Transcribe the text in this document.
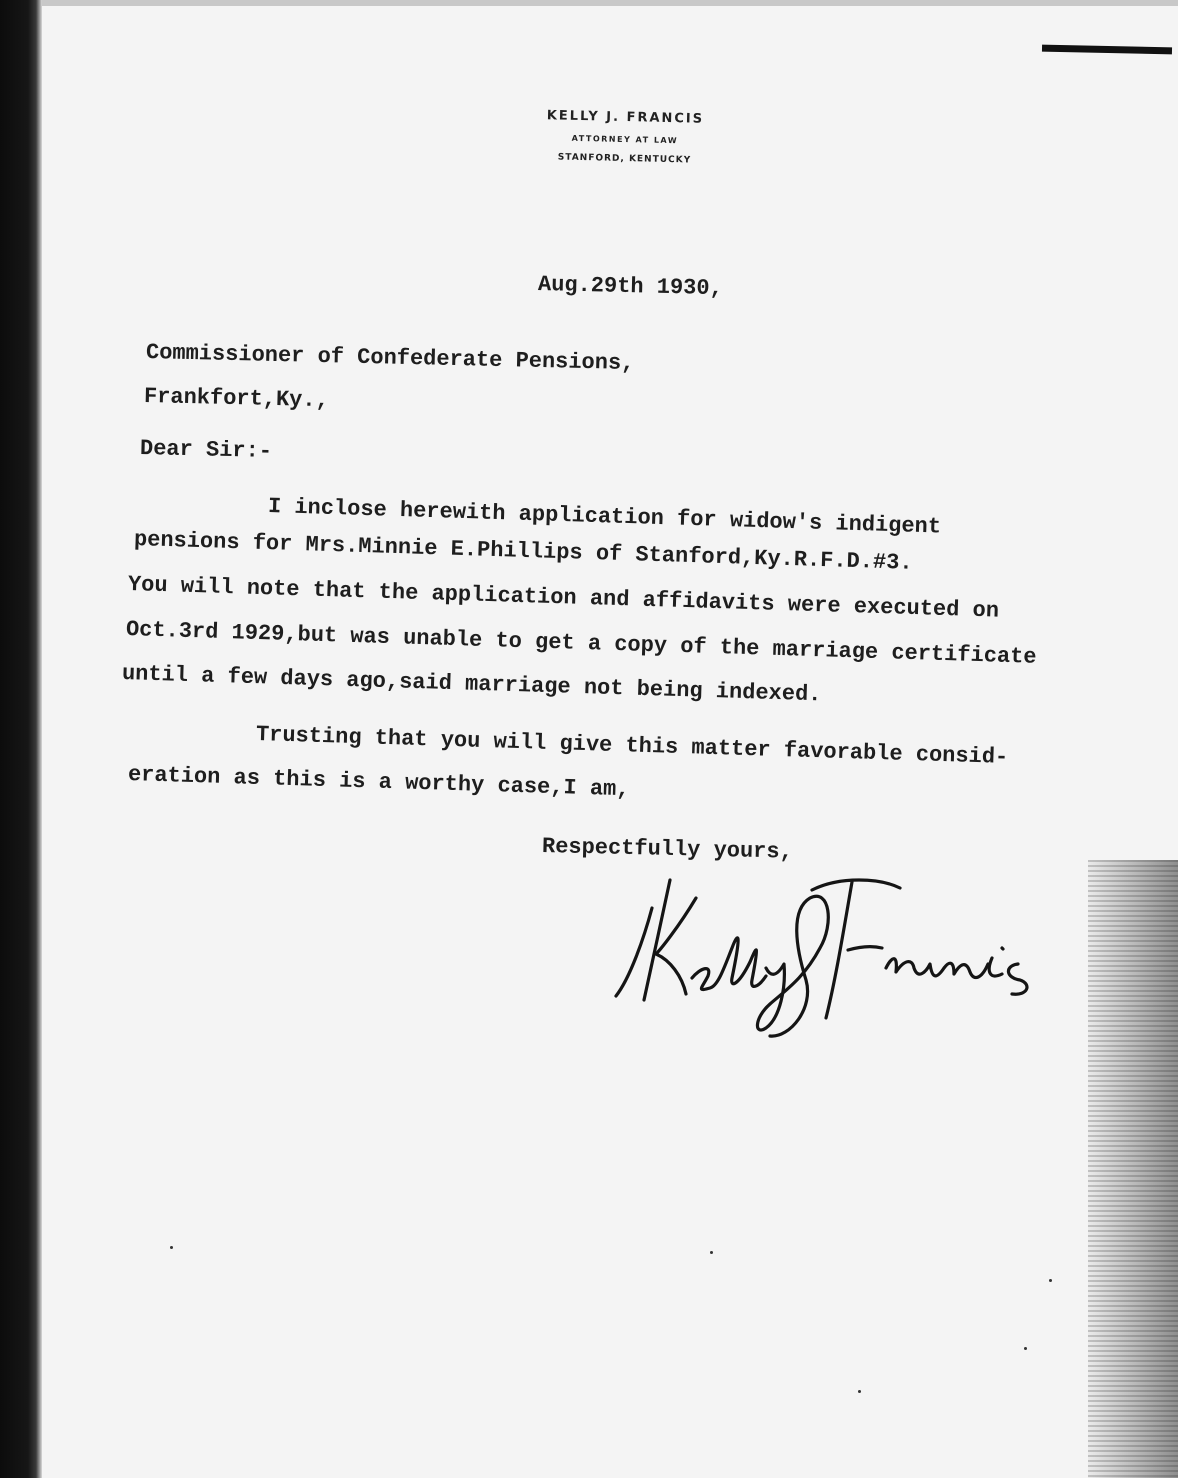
KELLY J. FRANCIS
ATTORNEY AT LAW
STANFORD, KENTUCKY
Aug.29th 1930,
Commissioner of Confederate Pensions,
Frankfort,Ky.,
Dear Sir:-
I inclose herewith application for widow's indigent
pensions for Mrs.Minnie E.Phillips of Stanford,Ky.R.F.D.#3.
You will note that the application and affidavits were executed on
Oct.3rd 1929,but was unable to get a copy of the marriage certificate
until a few days ago,said marriage not being indexed.
Trusting that you will give this matter favorable consid-
eration as this is a worthy case,I am,
Respectfully yours,
